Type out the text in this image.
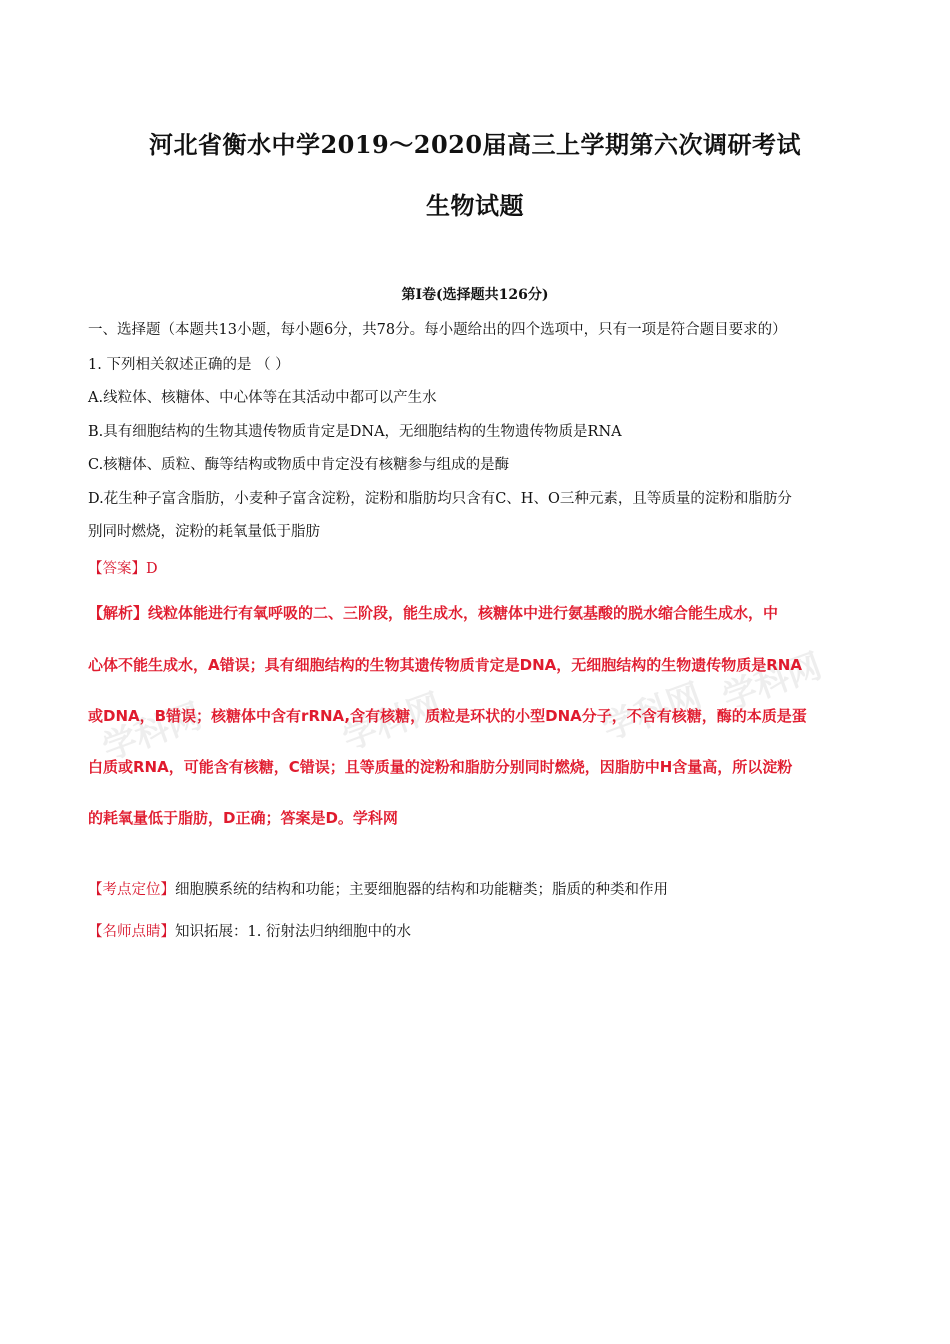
河北省衡水中学2019～2020届高三上学期第六次调研考试
生物试题
第Ⅰ卷(选择题共126分)
一、选择题（本题共13小题，每小题6分，共78分。每小题给出的四个选项中，只有一项是符合题目要求的）
1. 下列相关叙述正确的是 （ ）
A.线粒体、核糖体、中心体等在其活动中都可以产生水
B.具有细胞结构的生物其遗传物质肯定是DNA，无细胞结构的生物遗传物质是RNA
C.核糖体、质粒、酶等结构或物质中肯定没有核糖参与组成的是酶
D.花生种子富含脂肪，小麦种子富含淀粉，淀粉和脂肪均只含有C、H、O三种元素，且等质量的淀粉和脂肪分
别同时燃烧，淀粉的耗氧量低于脂肪
【答案】D
学科网	学科网	学科网 学科网
【解析】线粒体能进行有氧呼吸的二、三阶段，能生成水，核糖体中进行氨基酸的脱水缩合能生成水，中
心体不能生成水，A错误；具有细胞结构的生物其遗传物质肯定是DNA，无细胞结构的生物遗传物质是RNA
或DNA，B错误；核糖体中含有rRNA,含有核糖，质粒是环状的小型DNA分子，不含有核糖，酶的本质是蛋
白质或RNA，可能含有核糖，C错误；且等质量的淀粉和脂肪分别同时燃烧，因脂肪中H含量高，所以淀粉
的耗氧量低于脂肪，D正确；答案是D。学科网
【考点定位】细胞膜系统的结构和功能；主要细胞器的结构和功能糖类；脂质的种类和作用
【名师点睛】知识拓展：1. 衍射法归纳细胞中的水
